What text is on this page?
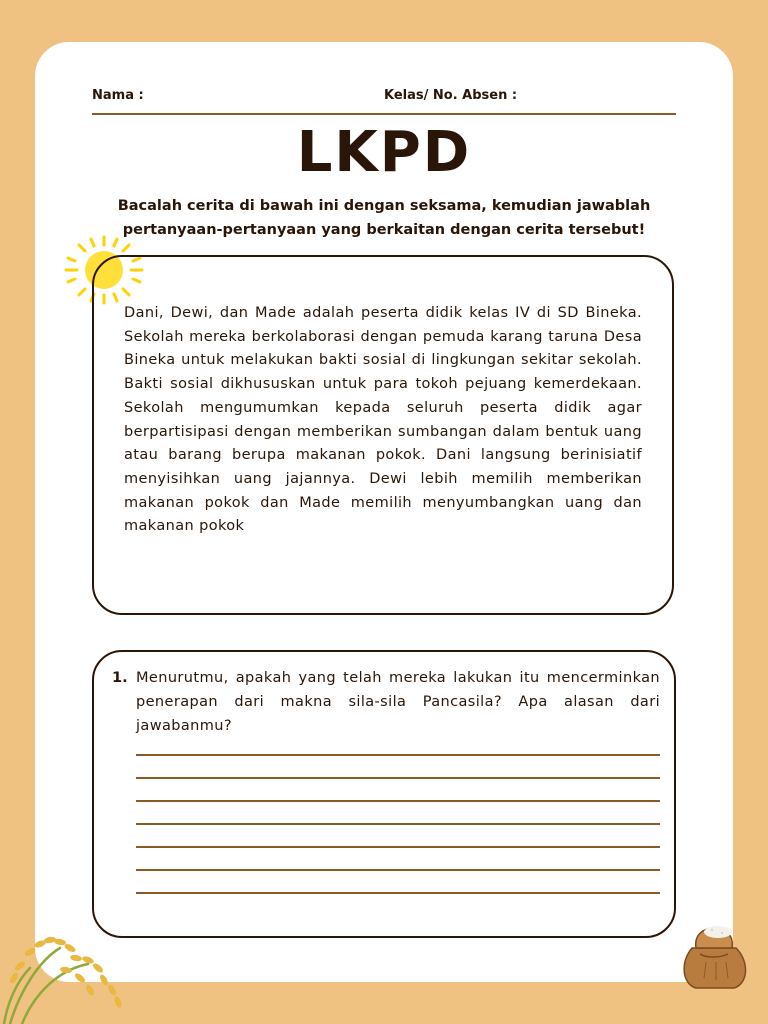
Nama :	Kelas/ No. Absen :
LKPD
Bacalah cerita di bawah ini dengan seksama, kemudian jawablah pertanyaan-pertanyaan yang berkaitan dengan cerita tersebut!

Dani, Dewi, dan Made adalah peserta didik kelas IV di SD Bineka. Sekolah mereka berkolaborasi dengan pemuda karang taruna Desa Bineka untuk melakukan bakti sosial di lingkungan sekitar sekolah. Bakti sosial dikhususkan untuk para tokoh pejuang kemerdekaan. Sekolah mengumumkan kepada seluruh peserta didik agar berpartisipasi dengan memberikan sumbangan dalam bentuk uang atau barang berupa makanan pokok. Dani langsung berinisiatif menyisihkan uang jajannya. Dewi lebih memilih memberikan makanan pokok dan Made memilih menyumbangkan uang dan makanan pokok

1. Menurutmu, apakah yang telah mereka lakukan itu mencerminkan penerapan dari makna sila-sila Pancasila? Apa alasan dari jawabanmu?
